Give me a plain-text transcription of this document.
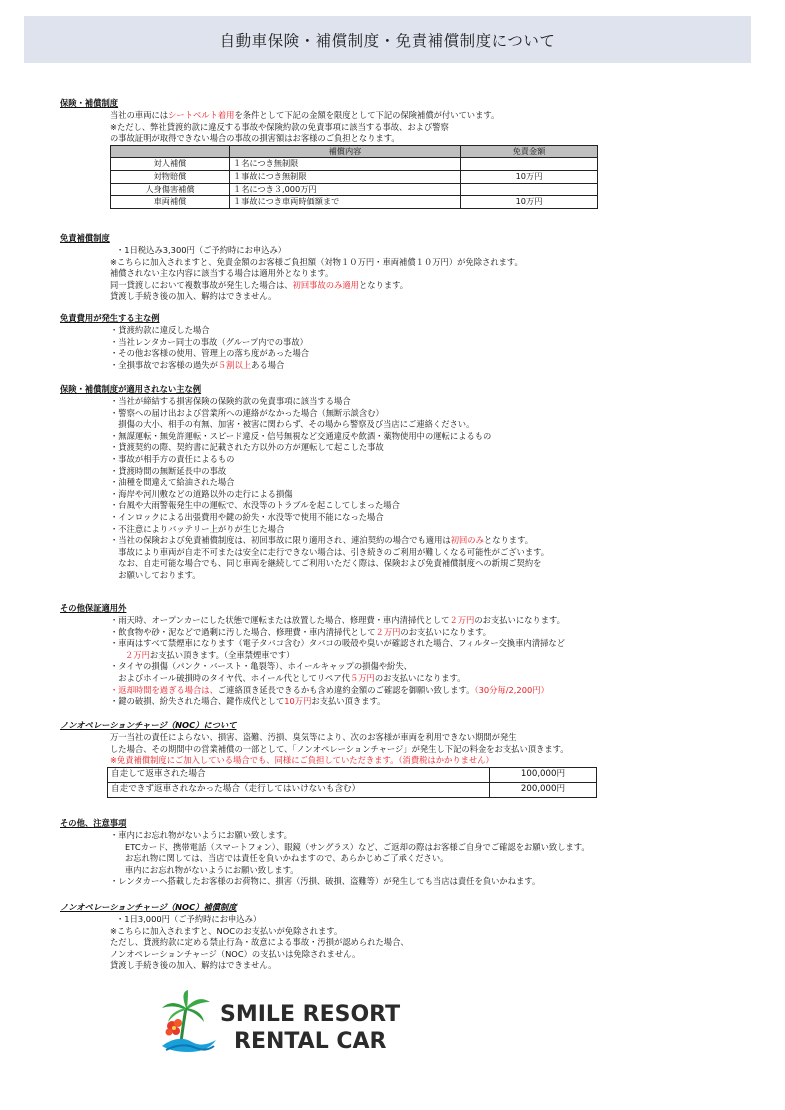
自動車保険・補償制度・免責補償制度について
保険・補償制度
当社の車両にはシートベルト着用を条件として下記の金額を限度として下記の保険補償が付いています。
※ただし、弊社貸渡約款に違反する事故や保険約款の免責事項に該当する事故、および警察
の事故証明が取得できない場合の事故の損害額はお客様のご負担となります。
	補償内容	免責金額
対人補償	１名につき無制限	
対物賠償	１事故につき無制限	10万円
人身傷害補償	１名につき３,000万円	
車両補償	１事故につき車両時価額まで	10万円
免責補償制度
・1日税込み3,300円（ご予約時にお申込み）
※こちらに加入されますと、免責金額のお客様ご負担額（対物１０万円・車両補償１０万円）が免除されます。
補償されない主な内容に該当する場合は適用外となります。
同一貸渡しにおいて複数事故が発生した場合は、初回事故のみ適用となります。
貸渡し手続き後の加入、解約はできません。
免責費用が発生する主な例
・貸渡約款に違反した場合
・当社レンタカー同士の事故（グループ内での事故）
・その他お客様の使用、管理上の落ち度があった場合
・全損事故でお客様の過失が５割以上ある場合
保険・補償制度が適用されない主な例
・当社が締結する損害保険の保険約款の免責事項に該当する場合
・警察への届け出および営業所への連絡がなかった場合（無断示談含む）
　損傷の大小、相手の有無、加害・被害に関わらず、その場から警察及び当店にご連絡ください。
・無謀運転・無免許運転・スピード違反・信号無視など交通違反や飲酒・薬物使用中の運転によるもの
・貸渡契約の際、契約書に記載された方以外の方が運転して起こした事故
・事故が相手方の責任によるもの
・貸渡時間の無断延長中の事故
・油種を間違えて給油された場合
・海岸や河川敷などの道路以外の走行による損傷
・台風や大雨警報発生中の運転で、水没等のトラブルを起こしてしまった場合
・インロックによる出張費用や鍵の紛失・水没等で使用不能になった場合
・不注意によりバッテリー上がりが生じた場合
・当社の保険および免責補償制度は、初回事故に限り適用され、連泊契約の場合でも適用は初回のみとなります。
　事故により車両が自走不可または安全に走行できない場合は、引き続きのご利用が難しくなる可能性がございます。
　なお、自走可能な場合でも、同じ車両を継続してご利用いただく際は、保険および免責補償制度への新規ご契約を
　お願いしております。
その他保証適用外
・雨天時、オープンカーにした状態で運転または放置した場合、修理費・車内清掃代として２万円のお支払いになります。
・飲食物や砂・泥などで過剰に汚した場合、修理費・車内清掃代として２万円のお支払いになります。
・車両はすべて禁煙車になります（電子タバコ含む）タバコの吸殻や臭いが確認された場合、フィルター交換車内清掃など
２万円お支払い頂きます。（全車禁煙車です）
・タイヤの損傷（パンク・バースト・亀裂等）、ホイールキャップの損傷や紛失、
　およびホイール破損時のタイヤ代、ホイール代としてリペア代５万円のお支払いになります。
・返却時間を過ぎる場合は、ご連絡頂き延長できるかも含め違約金額のご確認を御願い致します。（30分毎/2,200円）
・鍵の破損、紛失された場合、鍵作成代として10万円お支払い頂きます。
ノンオペレーションチャージ（NOC）について
万一当社の責任によらない、損害、盗難、汚損、臭気等により、次のお客様が車両を利用できない期間が発生
した場合、その期間中の営業補償の一部として、「ノンオペレーションチャージ」が発生し下記の料金をお支払い頂きます。
※免責補償制度にご加入している場合でも、同様にご負担していただきます。（消費税はかかりません）
自走して返車された場合	100,000円
自走できず返車されなかった場合（走行してはいけないも含む）	200,000円
その他、注意事項
・車内にお忘れ物がないようにお願い致します。
ETCカード、携帯電話（スマートフォン）、眼鏡（サングラス）など、ご返却の際はお客様ご自身でご確認をお願い致します。
お忘れ物に関しては、当店では責任を負いかねますので、あらかじめご了承ください。
車内にお忘れ物がないようにお願い致します。
・レンタカーへ搭載したお客様のお荷物に、損害（汚損、破損、盗難等）が発生しても当店は責任を負いかねます。
ノンオペレーションチャージ（NOC）補償制度
・1日3,000円（ご予約時にお申込み）
※こちらに加入されますと、NOCのお支払いが免除されます。
ただし、貸渡約款に定める禁止行為・故意による事故・汚損が認められた場合、
ノンオペレーションチャージ（NOC）の支払いは免除されません。
貸渡し手続き後の加入、解約はできません。
SMILE RESORT
RENTAL CAR
